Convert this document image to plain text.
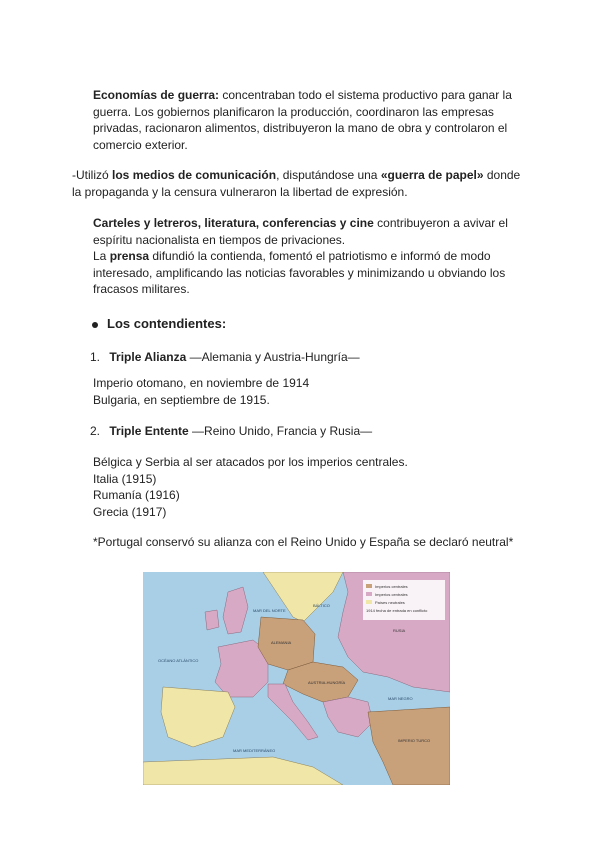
Economías de guerra: concentraban todo el sistema productivo para ganar la guerra. Los gobiernos planificaron la producción, coordinaron las empresas privadas, racionaron alimentos, distribuyeron la mano de obra y controlaron el comercio exterior.
-Utilizó los medios de comunicación, disputándose una «guerra de papel» donde la propaganda y la censura vulneraron la libertad de expresión.
Carteles y letreros, literatura, conferencias y cine contribuyeron a avivar el espíritu nacionalista en tiempos de privaciones.
La prensa difundió la contienda, fomentó el patriotismo e informó de modo interesado, amplificando las noticias favorables y minimizando u obviando los fracasos militares.
Los contendientes:
1. Triple Alianza —Alemania y Austria-Hungría—
Imperio otomano, en noviembre de 1914
Bulgaria, en septiembre de 1915.
2. Triple Entente —Reino Unido, Francia y Rusia—
Bélgica y Serbia al ser atacados por los imperios centrales.
Italia (1915)
Rumanía (1916)
Grecia (1917)
*Portugal conservó su alianza con el Reino Unido y España se declaró neutral*
Imperios centrales
Imperios centrales
Países neutrales
1914 fecha de entrada en conflicto
MAR DEL NORTE
OCÉANO ATLÁNTICO
ALEMANIA
AUSTRIA-HUNGRÍA
MAR NEGRO
IMPERIO TURCO
MAR MEDITERRÁNEO
RUSIA
BÁLTICO
